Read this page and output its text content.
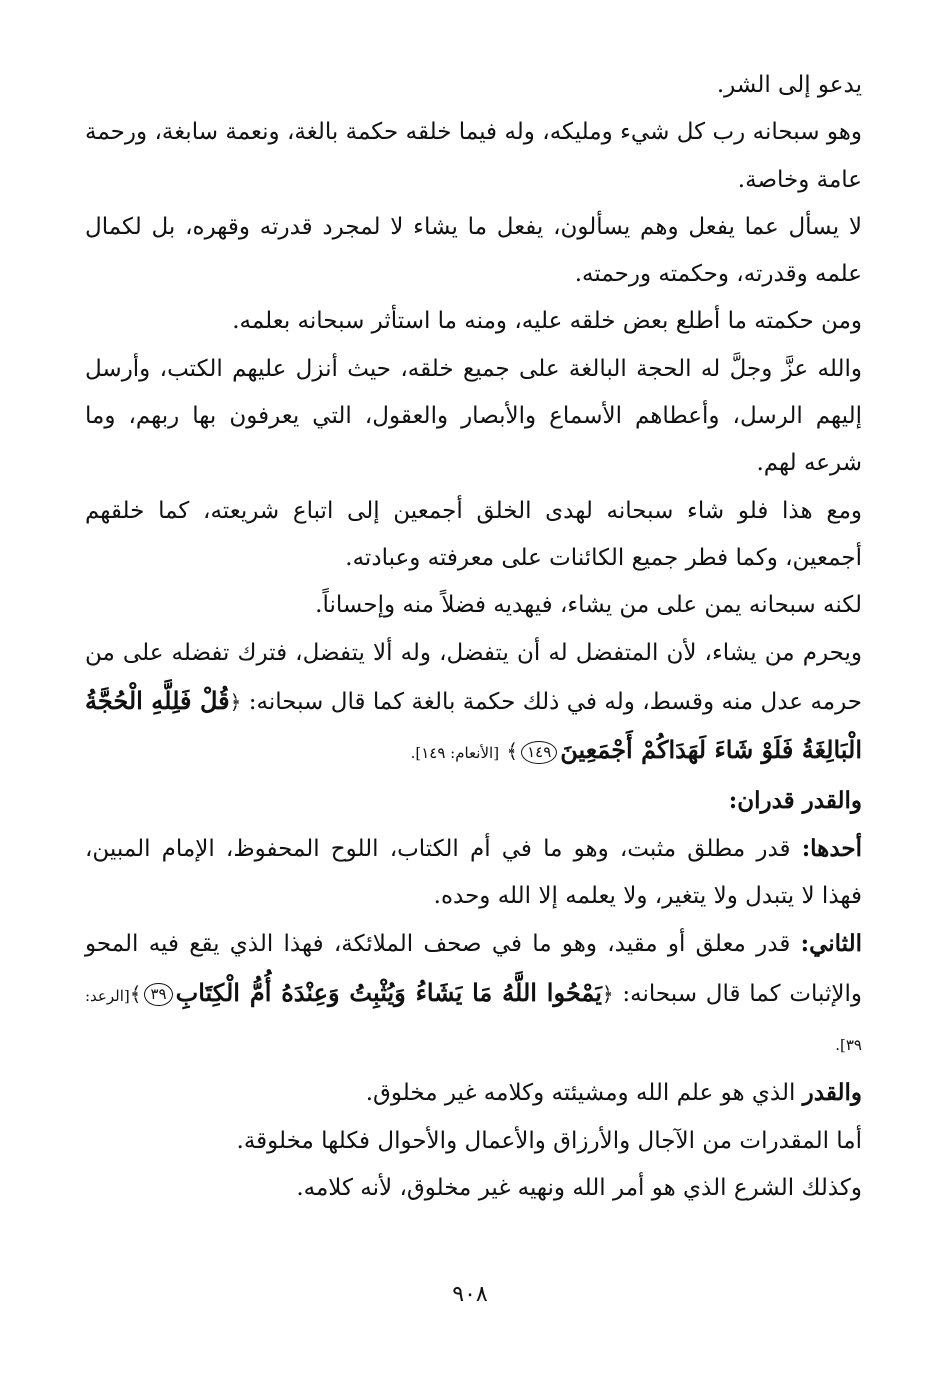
يدعو إلى الشر.

وهو سبحانه رب كل شيء ومليكه، وله فيما خلقه حكمة بالغة، ونعمة سابغة، ورحمة عامة وخاصة.

لا يسأل عما يفعل وهم يسألون، يفعل ما يشاء لا لمجرد قدرته وقهره، بل لكمال علمه وقدرته، وحكمته ورحمته.

ومن حكمته ما أطلع بعض خلقه عليه، ومنه ما استأثر سبحانه بعلمه.

والله عزَّ وجلَّ له الحجة البالغة على جميع خلقه، حيث أنزل عليهم الكتب، وأرسل إليهم الرسل، وأعطاهم الأسماع والأبصار والعقول، التي يعرفون بها ربهم، وما شرعه لهم.

ومع هذا فلو شاء سبحانه لهدى الخلق أجمعين إلى اتباع شريعته، كما خلقهم أجمعين، وكما فطر جميع الكائنات على معرفته وعبادته.

لكنه سبحانه يمن على من يشاء، فيهديه فضلاً منه وإحساناً.

ويحرم من يشاء، لأن المتفضل له أن يتفضل، وله ألا يتفضل، فترك تفضله على من حرمه عدل منه وقسط، وله في ذلك حكمة بالغة كما قال سبحانه: ﴿قُلْ فَلِلَّهِ الْحُجَّةُ الْبَالِغَةُ فَلَوْ شَاءَ لَهَدَاكُمْ أَجْمَعِينَ١٤٩﴾ [الأنعام: ١٤٩].

والقدر قدران:

أحدها: قدر مطلق مثبت، وهو ما في أم الكتاب، اللوح المحفوظ، الإمام المبين، فهذا لا يتبدل ولا يتغير، ولا يعلمه إلا الله وحده.

الثاني: قدر معلق أو مقيد، وهو ما في صحف الملائكة، فهذا الذي يقع فيه المحو والإثبات كما قال سبحانه: ﴿يَمْحُوا اللَّهُ مَا يَشَاءُ وَيُثْبِتُ وَعِنْدَهُ أُمُّ الْكِتَابِ٣٩﴾[الرعد: ٣٩].

والقدر الذي هو علم الله ومشيئته وكلامه غير مخلوق.

أما المقدرات من الآجال والأرزاق والأعمال والأحوال فكلها مخلوقة.

وكذلك الشرع الذي هو أمر الله ونهيه غير مخلوق، لأنه كلامه.

٩٠٨
